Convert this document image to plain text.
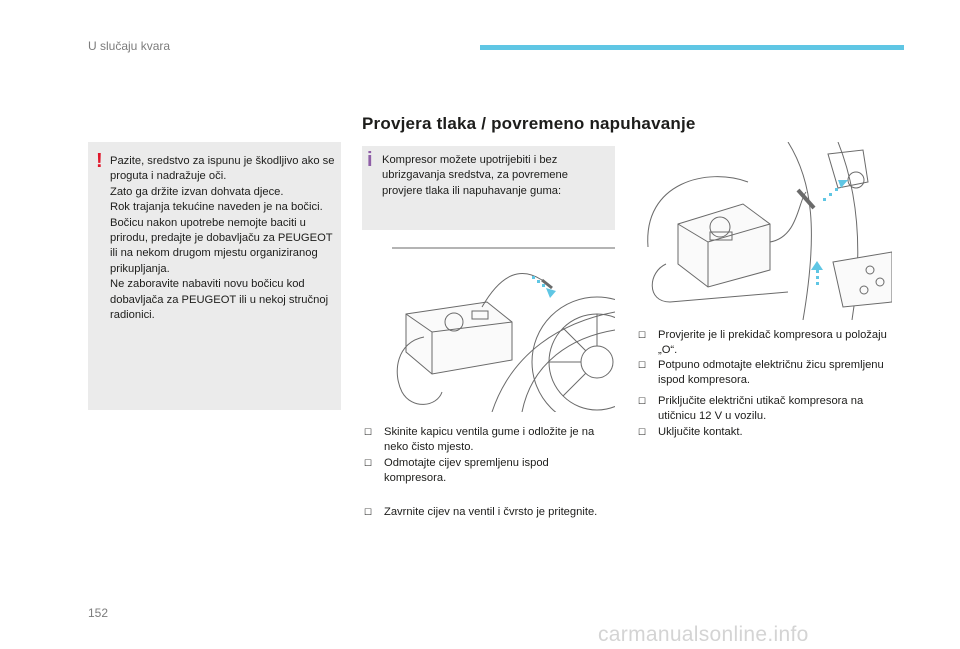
U slučaju kvara
Provjera tlaka / povremeno napuhavanje
! Pazite, sredstvo za ispunu je škodljivo ako se proguta i nadražuje oči.
Zato ga držite izvan dohvata djece.
Rok trajanja tekućine naveden je na bočici.
Bočicu nakon upotrebe nemojte baciti u prirodu, predajte je dobavljaču za PEUGEOT ili na nekom drugom mjestu organiziranog prikupljanja.
Ne zaboravite nabaviti novu bočicu kod dobavljača za PEUGEOT ili u nekoj stručnoj radionici.
i Kompresor možete upotrijebiti i bez ubrizgavanja sredstva, za povremene provjere tlaka ili napuhavanje guma:
☐	Skinite kapicu ventila gume i odložite je na neko čisto mjesto.
☐	Odmotajte cijev spremljenu ispod kompresora.
☐	Zavrnite cijev na ventil i čvrsto je pritegnite.
☐	Provjerite je li prekidač kompresora u položaju „O“.
☐	Potpuno odmotajte električnu žicu spremljenu ispod kompresora.
☐	Priključite električni utikač kompresora na utičnicu 12 V u vozilu.
☐	Uključite kontakt.
152
carmanualsonline.info
